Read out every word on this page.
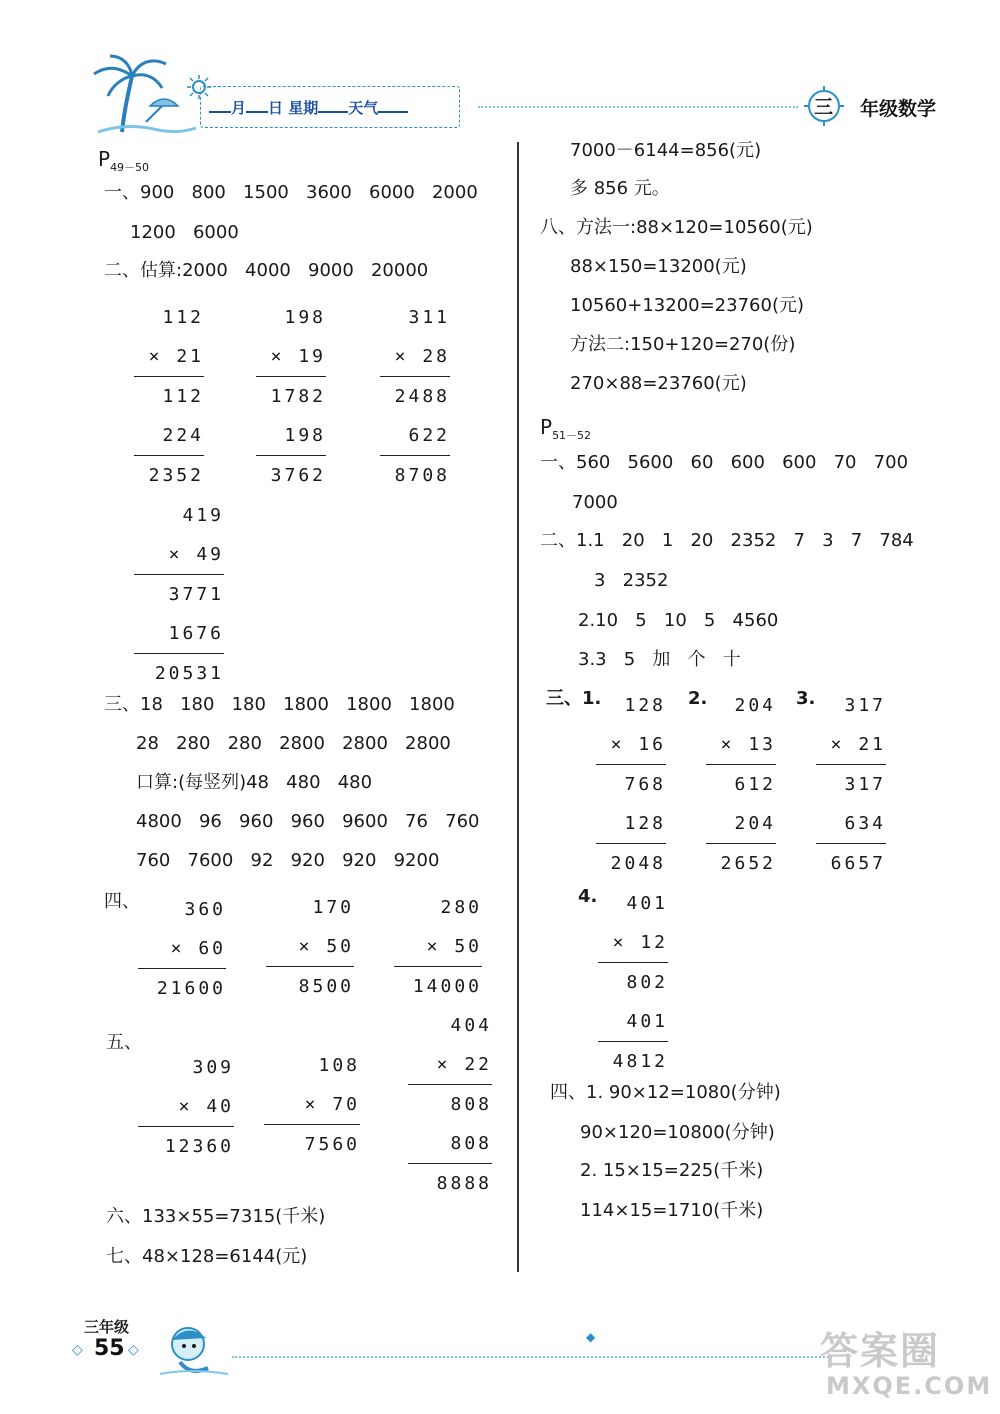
月 日 星期 天气	三 年级数学
$P_{49-50}$
一、900   800   1500   3600   6000   2000
1200   6000
二、估算:2000   4000   9000   20000
112
× 21
112
224
2352
198
× 19
1782
198
3762
311
× 28
2488
622
8708
419
× 49
3771
1676
20531
三、18   180   180   1800   1800   1800
28   280   280   2800   2800   2800
口算:(每竖列)48   480   480
4800   96   960   960   9600   76   760
760   7600   92   920   920   9200
四、	360
× 60
21600
170
× 50
8500
280
× 50
14000
五、
309
× 40
12360
108
× 70
7560
404
× 22
808
808
8888
六、133×55=7315(千米)
七、48×128=6144(元)
7000－6144=856(元)
多 856 元。
八、方法一:88×120=10560(元)
88×150=13200(元)
10560+13200=23760(元)
方法二:150+120=270(份)
270×88=23760(元)
$P_{51-52}$
一、560   5600   60   600   600   70   700
7000
二、1.1   20   1   20   2352   7   3   7   784
3   2352
2.10   5   10   5   4560
3.3   5   加   个   十
三、1.	2.	3.
128
× 16
768
128
2048
204
× 13
612
204
2652
317
× 21
317
634
6657
4.	401
× 12
802
401
4812
四、1. 90×12=1080(分钟)
90×120=10800(分钟)
2. 15×15=225(千米)
114×15=1710(千米)
三年级
◇ 55 ◇
◆	答案圈
MXQE.COM
